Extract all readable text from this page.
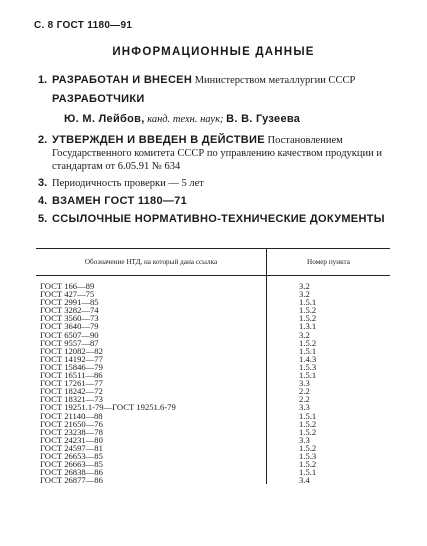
С. 8 ГОСТ 1180—91
ИНФОРМАЦИОННЫЕ ДАННЫЕ
1. РАЗРАБОТАН И ВНЕСЕН Министерством металлургии СССР
РАЗРАБОТЧИКИ
Ю. М. Лейбов, канд. техн. наук; В. В. Гузеева
2. УТВЕРЖДЕН И ВВЕДЕН В ДЕЙСТВИЕ Постановлением Государственного комитета СССР по управлению качеством продукции и стандартам от 6.05.91 № 634
3. Периодичность проверки — 5 лет
4. ВЗАМЕН ГОСТ 1180—71
5. ССЫЛОЧНЫЕ НОРМАТИВНО-ТЕХНИЧЕСКИЕ ДОКУМЕНТЫ
Обозначение НТД, на который дана ссылка	Номер пункта

ГОСТ 166—89	3.2
ГОСТ 427—75	3.2
ГОСТ 2991—85	1.5.1
ГОСТ 3282—74	1.5.2
ГОСТ 3560—73	1.5.2
ГОСТ 3640—79	1.3.1
ГОСТ 6507—90	3.2
ГОСТ 9557—87	1.5.2
ГОСТ 12082—82	1.5.1
ГОСТ 14192—77	1.4.3
ГОСТ 15846—79	1.5.3
ГОСТ 16511—86	1.5.1
ГОСТ 17261—77	3.3
ГОСТ 18242—72	2.2
ГОСТ 18321—73	2.2
ГОСТ 19251.1-79—ГОСТ 19251.6-79	3.3
ГОСТ 21140—88	1.5.1
ГОСТ 21650—76	1.5.2
ГОСТ 23238—78	1.5.2
ГОСТ 24231—80	3.3
ГОСТ 24597—81	1.5.2
ГОСТ 26653—85	1.5.3
ГОСТ 26663—85	1.5.2
ГОСТ 26838—86	1.5.1
ГОСТ 26877—86	3.4
